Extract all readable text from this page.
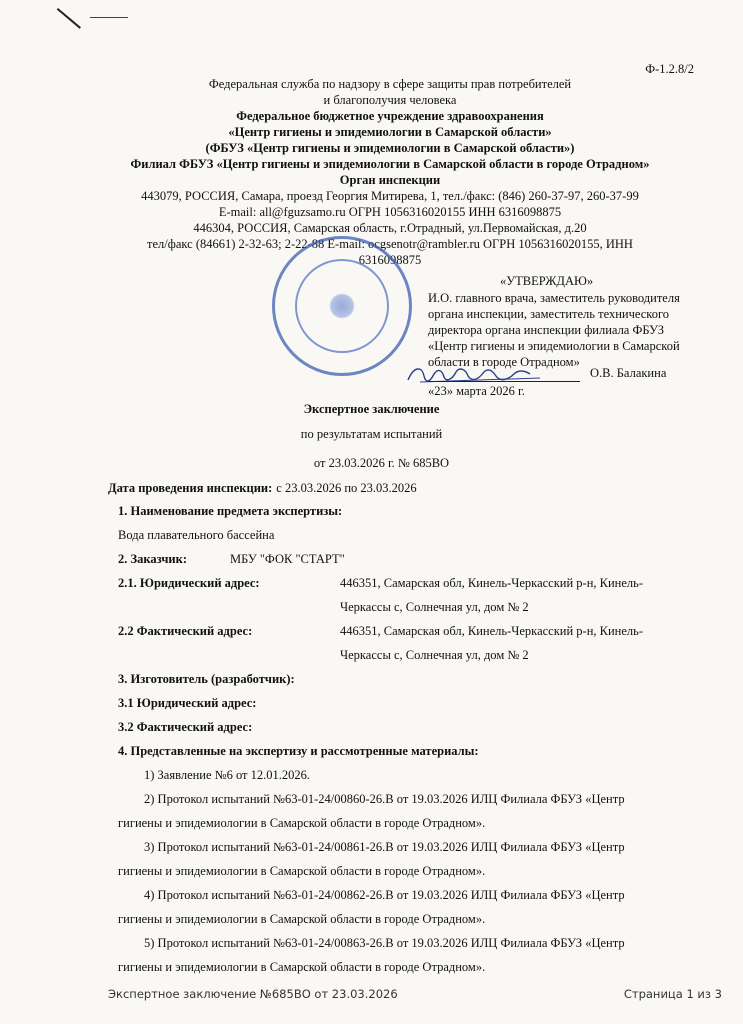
Ф-1.2.8/2
Федеральная служба по надзору в сфере защиты прав потребителей
и благополучия человека
Федеральное бюджетное учреждение здравоохранения
«Центр гигиены и эпидемиологии в Самарской области»
(ФБУЗ «Центр гигиены и эпидемиологии в Самарской области»)
Филиал ФБУЗ «Центр гигиены и эпидемиологии в Самарской области в городе Отрадном»
Орган инспекции
443079, РОССИЯ, Самара, проезд Георгия Митирева, 1, тел./факс: (846) 260-37-97, 260-37-99
E-mail: all@fguzsamo.ru ОГРН 1056316020155 ИНН 6316098875
446304, РОССИЯ, Самарская область, г.Отрадный, ул.Первомайская, д.20
тел/факс (84661) 2-32-63; 2-22-88 E-mail: ocgsenotr@rambler.ru ОГРН 1056316020155, ИНН
6316098875
«УТВЕРЖДАЮ»
И.О. главного врача, заместитель руководителя
органа инспекции, заместитель технического
директора органа инспекции филиала ФБУЗ
«Центр гигиены и эпидемиологии в Самарской
области в городе Отрадном»
О.В. Балакина
«23» марта 2026 г.
Экспертное заключение
по результатам испытаний
от 23.03.2026 г. № 685ВО
Дата проведения инспекции: с 23.03.2026 по 23.03.2026
1. Наименование предмета экспертизы:
Вода плавательного бассейна
2. Заказчик:	МБУ "ФОК "СТАРТ"
2.1. Юридический адрес:	446351, Самарская обл, Кинель-Черкасский р-н, Кинель-
Черкассы с, Солнечная ул, дом № 2
2.2 Фактический адрес:	446351, Самарская обл, Кинель-Черкасский р-н, Кинель-
Черкассы с, Солнечная ул, дом № 2
3. Изготовитель (разработчик):
3.1 Юридический адрес:
3.2 Фактический адрес:
4. Представленные на экспертизу и рассмотренные материалы:
1) Заявление №6 от 12.01.2026.
2) Протокол испытаний №63-01-24/00860-26.В от 19.03.2026 ИЛЦ Филиала ФБУЗ «Центр
гигиены и эпидемиологии в Самарской области в городе Отрадном».
3) Протокол испытаний №63-01-24/00861-26.В от 19.03.2026 ИЛЦ Филиала ФБУЗ «Центр
гигиены и эпидемиологии в Самарской области в городе Отрадном».
4) Протокол испытаний №63-01-24/00862-26.В от 19.03.2026 ИЛЦ Филиала ФБУЗ «Центр
гигиены и эпидемиологии в Самарской области в городе Отрадном».
5) Протокол испытаний №63-01-24/00863-26.В от 19.03.2026 ИЛЦ Филиала ФБУЗ «Центр
гигиены и эпидемиологии в Самарской области в городе Отрадном».
Экспертное заключение №685ВО от 23.03.2026	Страница 1 из 3
